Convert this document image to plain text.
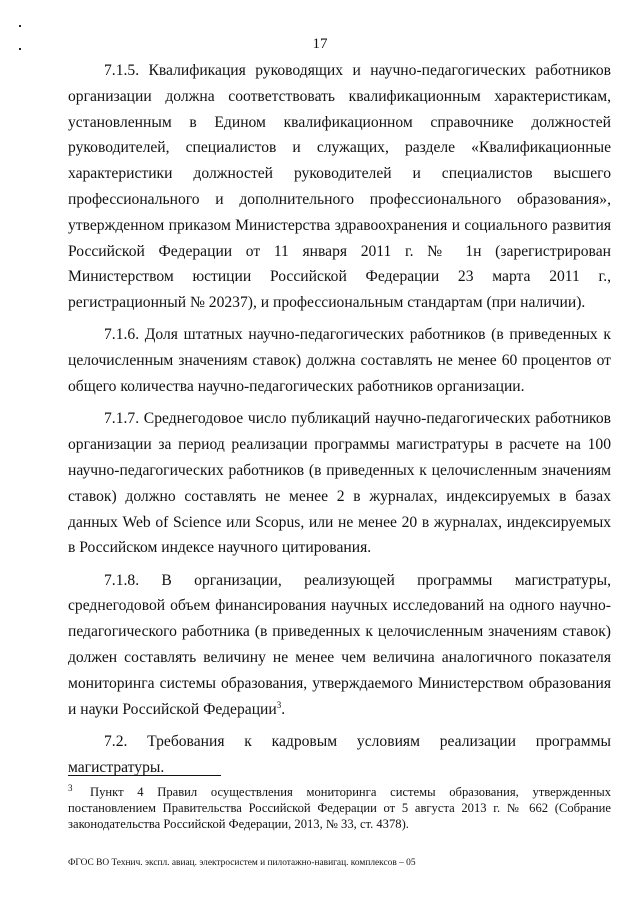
17

7.1.5. Квалификация руководящих и научно-педагогических работников организации должна соответствовать квалификационным характеристикам, установленным в Едином квалификационном справочнике должностей руководителей, специалистов и служащих, разделе «Квалификационные характеристики должностей руководителей и специалистов высшего профессионального и дополнительного профессионального образования», утвержденном приказом Министерства здравоохранения и социального развития Российской Федерации от 11 января 2011 г. № 1н (зарегистрирован Министерством юстиции Российской Федерации 23 марта 2011 г., регистрационный № 20237), и профессиональным стандартам (при наличии).

7.1.6. Доля штатных научно-педагогических работников (в приведенных к целочисленным значениям ставок) должна составлять не менее 60 процентов от общего количества научно-педагогических работников организации.

7.1.7. Среднегодовое число публикаций научно-педагогических работников организации за период реализации программы магистратуры в расчете на 100 научно-педагогических работников (в приведенных к целочисленным значениям ставок) должно составлять не менее 2 в журналах, индексируемых в базах данных Web of Science или Scopus, или не менее 20 в журналах, индексируемых в Российском индексе научного цитирования.

7.1.8. В организации, реализующей программы магистратуры, среднегодовой объем финансирования научных исследований на одного научно-педагогического работника (в приведенных к целочисленным значениям ставок) должен составлять величину не менее чем величина аналогичного показателя мониторинга системы образования, утверждаемого Министерством образования и науки Российской Федерации$^3$.

7.2. Требования к кадровым условиям реализации программы магистратуры.

$^3$ Пункт 4 Правил осуществления мониторинга системы образования, утвержденных постановлением Правительства Российской Федерации от 5 августа 2013 г. № 662 (Собрание законодательства Российской Федерации, 2013, № 33, ст. 4378).
ФГОС ВО Технич. экспл. авиац. электросистем и пилотажно-навигац. комплексов – 05
